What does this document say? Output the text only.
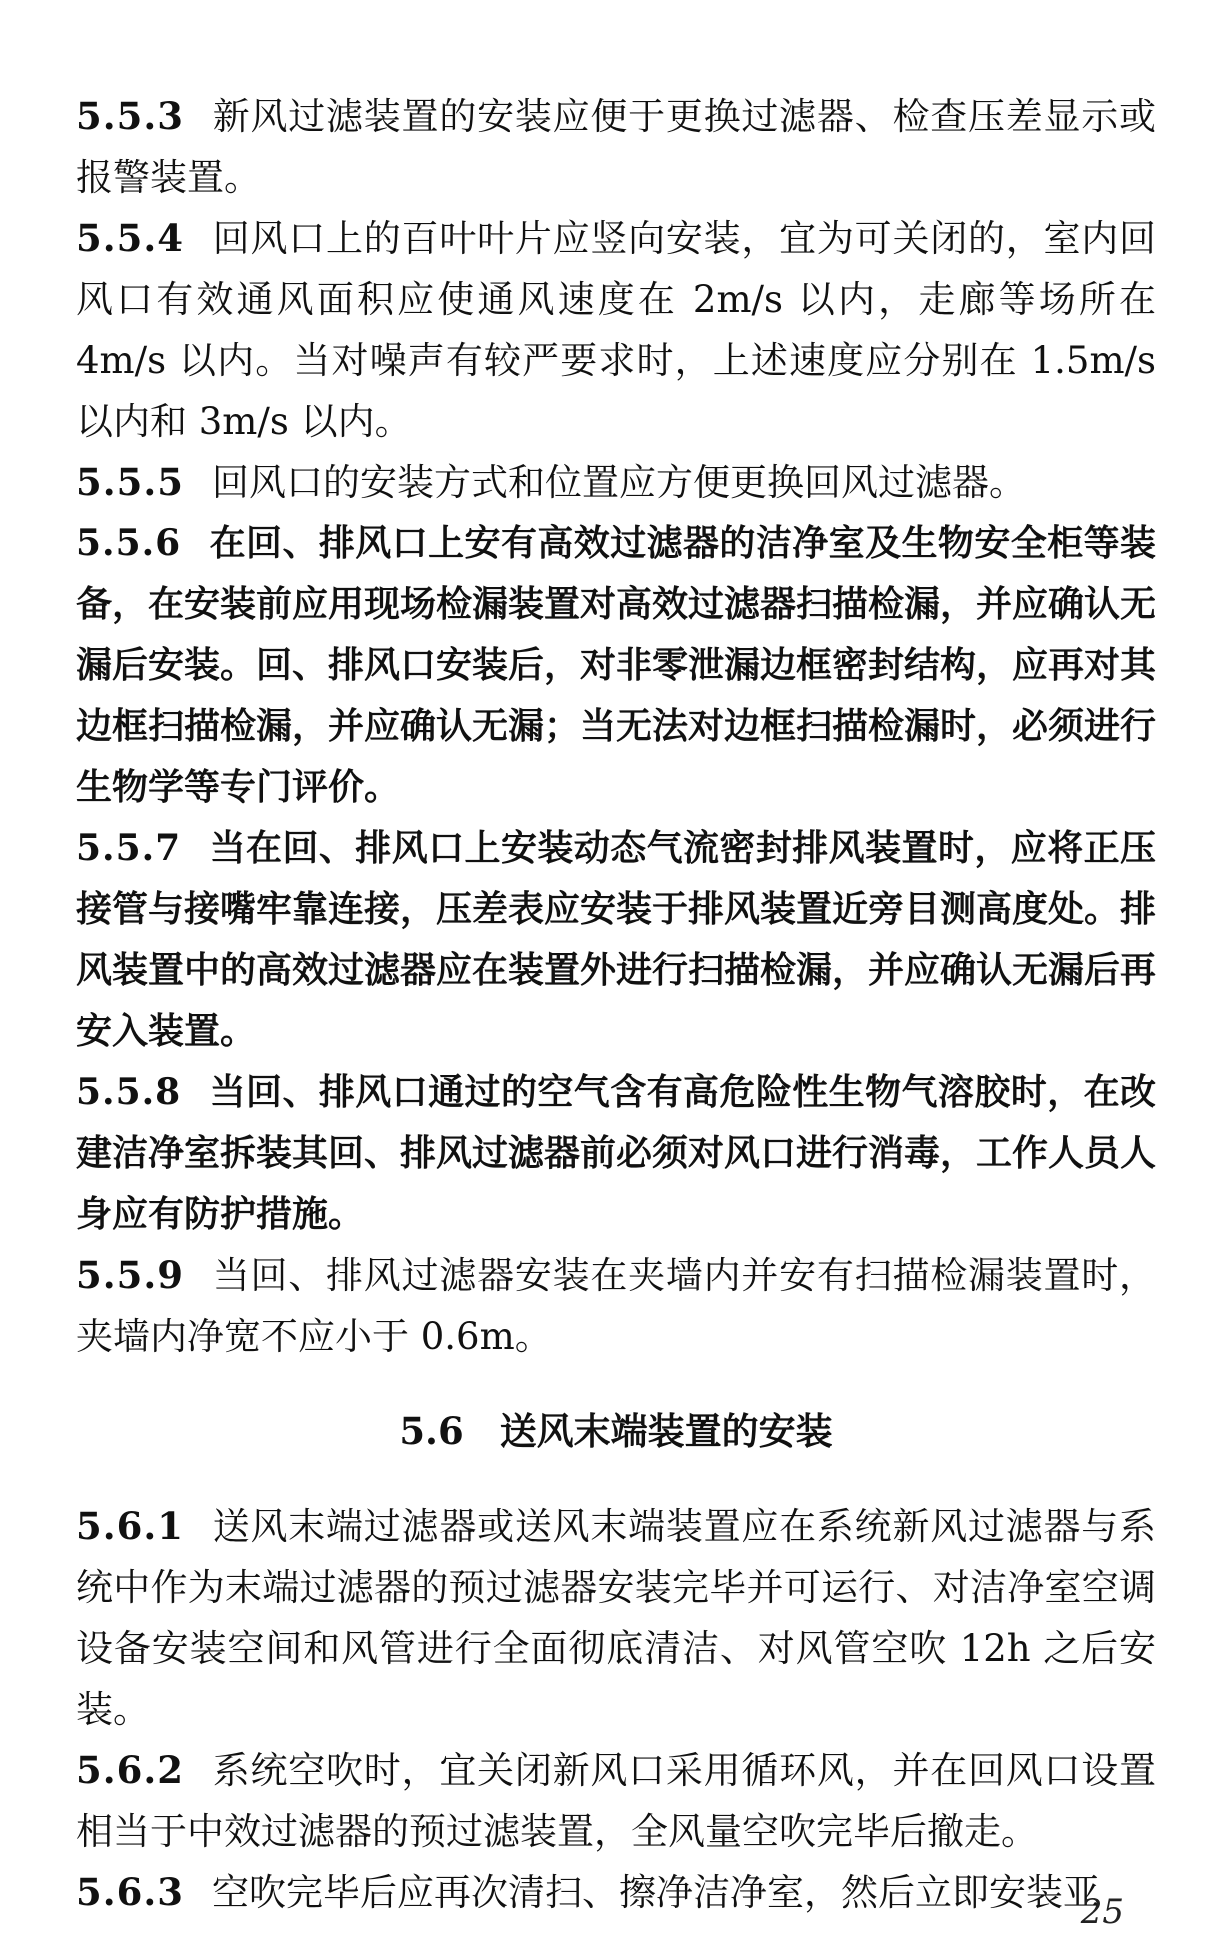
5.5.3 新风过滤装置的安装应便于更换过滤器、检查压差显示或报警装置。

5.5.4 回风口上的百叶叶片应竖向安装，宜为可关闭的，室内回风口有效通风面积应使通风速度在 2m/s 以内，走廊等场所在 4m/s 以内。当对噪声有较严要求时，上述速度应分别在 1.5m/s 以内和 3m/s 以内。

5.5.5 回风口的安装方式和位置应方便更换回风过滤器。

5.5.6 在回、排风口上安有高效过滤器的洁净室及生物安全柜等装备，在安装前应用现场检漏装置对高效过滤器扫描检漏，并应确认无漏后安装。回、排风口安装后，对非零泄漏边框密封结构，应再对其边框扫描检漏，并应确认无漏；当无法对边框扫描检漏时，必须进行生物学等专门评价。

5.5.7 当在回、排风口上安装动态气流密封排风装置时，应将正压接管与接嘴牢靠连接，压差表应安装于排风装置近旁目测高度处。排风装置中的高效过滤器应在装置外进行扫描检漏，并应确认无漏后再安入装置。

5.5.8 当回、排风口通过的空气含有高危险性生物气溶胶时，在改建洁净室拆装其回、排风过滤器前必须对风口进行消毒，工作人员人身应有防护措施。

5.5.9 当回、排风过滤器安装在夹墙内并安有扫描检漏装置时，夹墙内净宽不应小于 0.6m。

5.6 送风末端装置的安装

5.6.1 送风末端过滤器或送风末端装置应在系统新风过滤器与系统中作为末端过滤器的预过滤器安装完毕并可运行、对洁净室空调设备安装空间和风管进行全面彻底清洁、对风管空吹 12h 之后安装。

5.6.2 系统空吹时，宜关闭新风口采用循环风，并在回风口设置相当于中效过滤器的预过滤装置，全风量空吹完毕后撤走。

5.6.3 空吹完毕后应再次清扫、擦净洁净室，然后立即安装亚

25
